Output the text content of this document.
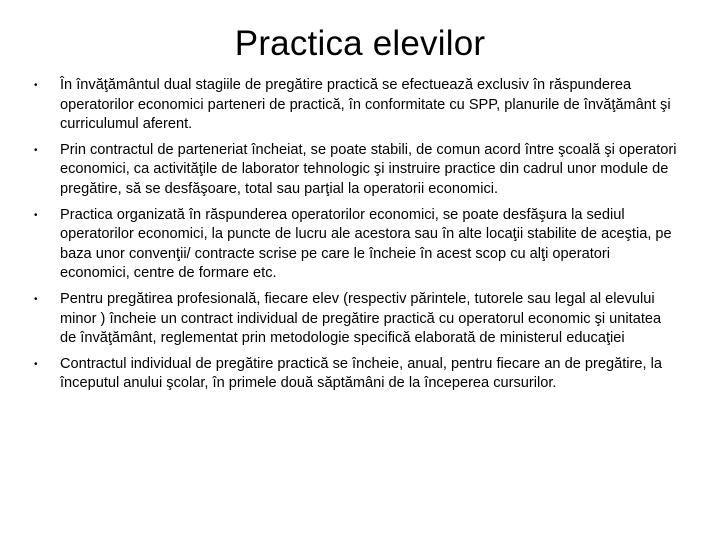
Practica elevilor
• În învăţământul dual stagiile de pregătire practică se efectuează exclusiv în răspunderea operatorilor economici parteneri de practică, în conformitate cu SPP, planurile de învăţământ şi curriculumul aferent.
• Prin contractul de parteneriat încheiat, se poate stabili, de comun acord între şcoală şi operatori economici, ca activităţile de laborator tehnologic şi instruire practice din cadrul unor module de pregătire, să se desfăşoare, total sau parţial la operatorii economici.
• Practica organizată în răspunderea operatorilor economici, se poate desfăşura la sediul operatorilor economici, la puncte de lucru ale acestora sau în alte locaţii stabilite de aceştia, pe baza unor convenţii/ contracte scrise pe care le încheie în acest scop cu alţi operatori economici, centre de formare etc.
• Pentru pregătirea profesională, fiecare elev (respectiv părintele, tutorele sau legal al elevului minor ) încheie un contract individual de pregătire practică cu operatorul economic şi unitatea de învăţământ, reglementat prin metodologie specifică elaborată de ministerul educaţiei
• Contractul individual de pregătire practică se încheie, anual, pentru fiecare an de pregătire, la începutul anului şcolar, în primele două săptămâni de la începerea cursurilor.
